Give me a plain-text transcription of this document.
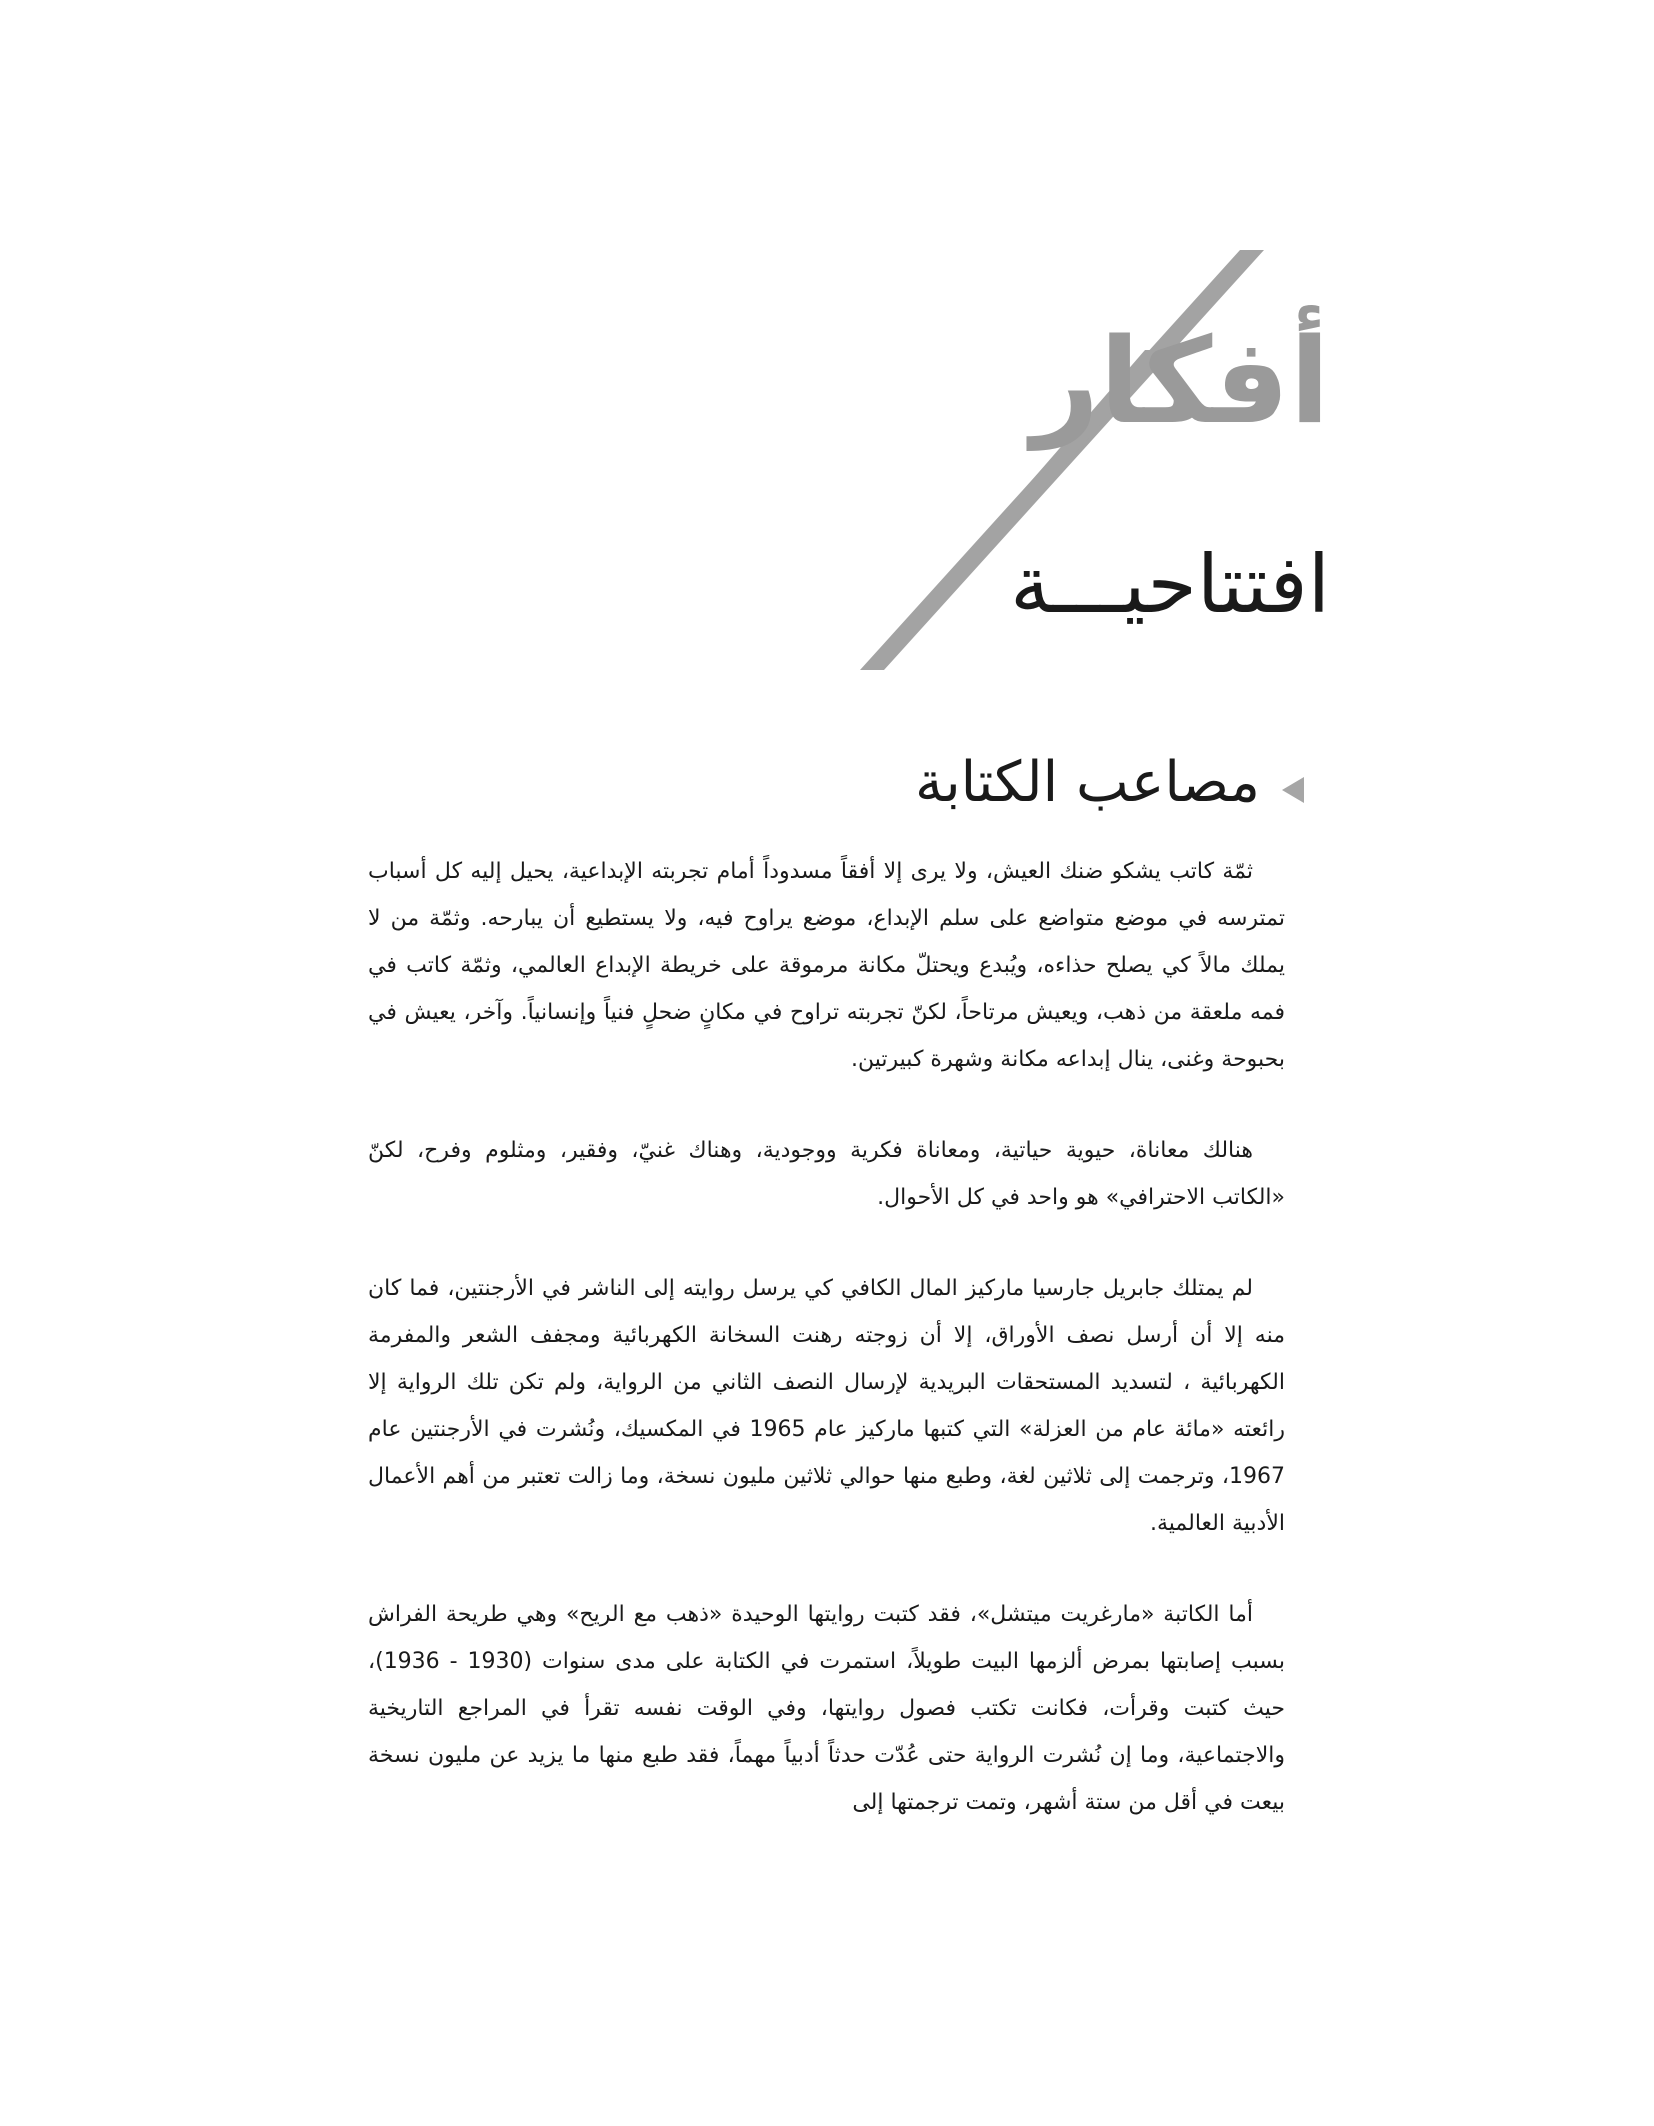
أفكار
افتتاحيـــة
مصاعب الكتابة

ثمّة كاتب يشكو ضنك العيش، ولا يرى إلا أفقاً مسدوداً أمام تجربته الإبداعية، يحيل إليه كل أسباب تمترسه في موضع متواضع على سلم الإبداع، موضع يراوح فيه، ولا يستطيع أن يبارحه. وثمّة من لا يملك مالاً كي يصلح حذاءه، ويُبدع ويحتلّ مكانة مرموقة على خريطة الإبداع العالمي، وثمّة كاتب في فمه ملعقة من ذهب، ويعيش مرتاحاً، لكنّ تجربته تراوح في مكانٍ ضحلٍ فنياً وإنسانياً. وآخر، يعيش في بحبوحة وغنى، ينال إبداعه مكانة وشهرة كبيرتين.

هنالك معاناة، حيوية حياتية، ومعاناة فكرية ووجودية، وهناك غنيّ، وفقير، ومثلوم وفرح، لكنّ «الكاتب الاحترافي» هو واحد في كل الأحوال.

لم يمتلك جابريل جارسيا ماركيز المال الكافي كي يرسل روايته إلى الناشر في الأرجنتين، فما كان منه إلا أن أرسل نصف الأوراق، إلا أن زوجته رهنت السخانة الكهربائية ومجفف الشعر والمفرمة الكهربائية ، لتسديد المستحقات البريدية لإرسال النصف الثاني من الرواية، ولم تكن تلك الرواية إلا رائعته «مائة عام من العزلة» التي كتبها ماركيز عام 1965 في المكسيك، ونُشرت في الأرجنتين عام 1967، وترجمت إلى ثلاثين لغة، وطبع منها حوالي ثلاثين مليون نسخة، وما زالت تعتبر من أهم الأعمال الأدبية العالمية.

أما الكاتبة «مارغريت ميتشل»، فقد كتبت روايتها الوحيدة «ذهب مع الريح» وهي طريحة الفراش بسبب إصابتها بمرض ألزمها البيت طويلاً، استمرت في الكتابة على مدى سنوات (1930 - 1936)، حيث كتبت وقرأت، فكانت تكتب فصول روايتها، وفي الوقت نفسه تقرأ في المراجع التاريخية والاجتماعية، وما إن نُشرت الرواية حتى عُدّت حدثاً أدبياً مهماً، فقد طبع منها ما يزيد عن مليون نسخة بيعت في أقل من ستة أشهر، وتمت ترجمتها إلى
